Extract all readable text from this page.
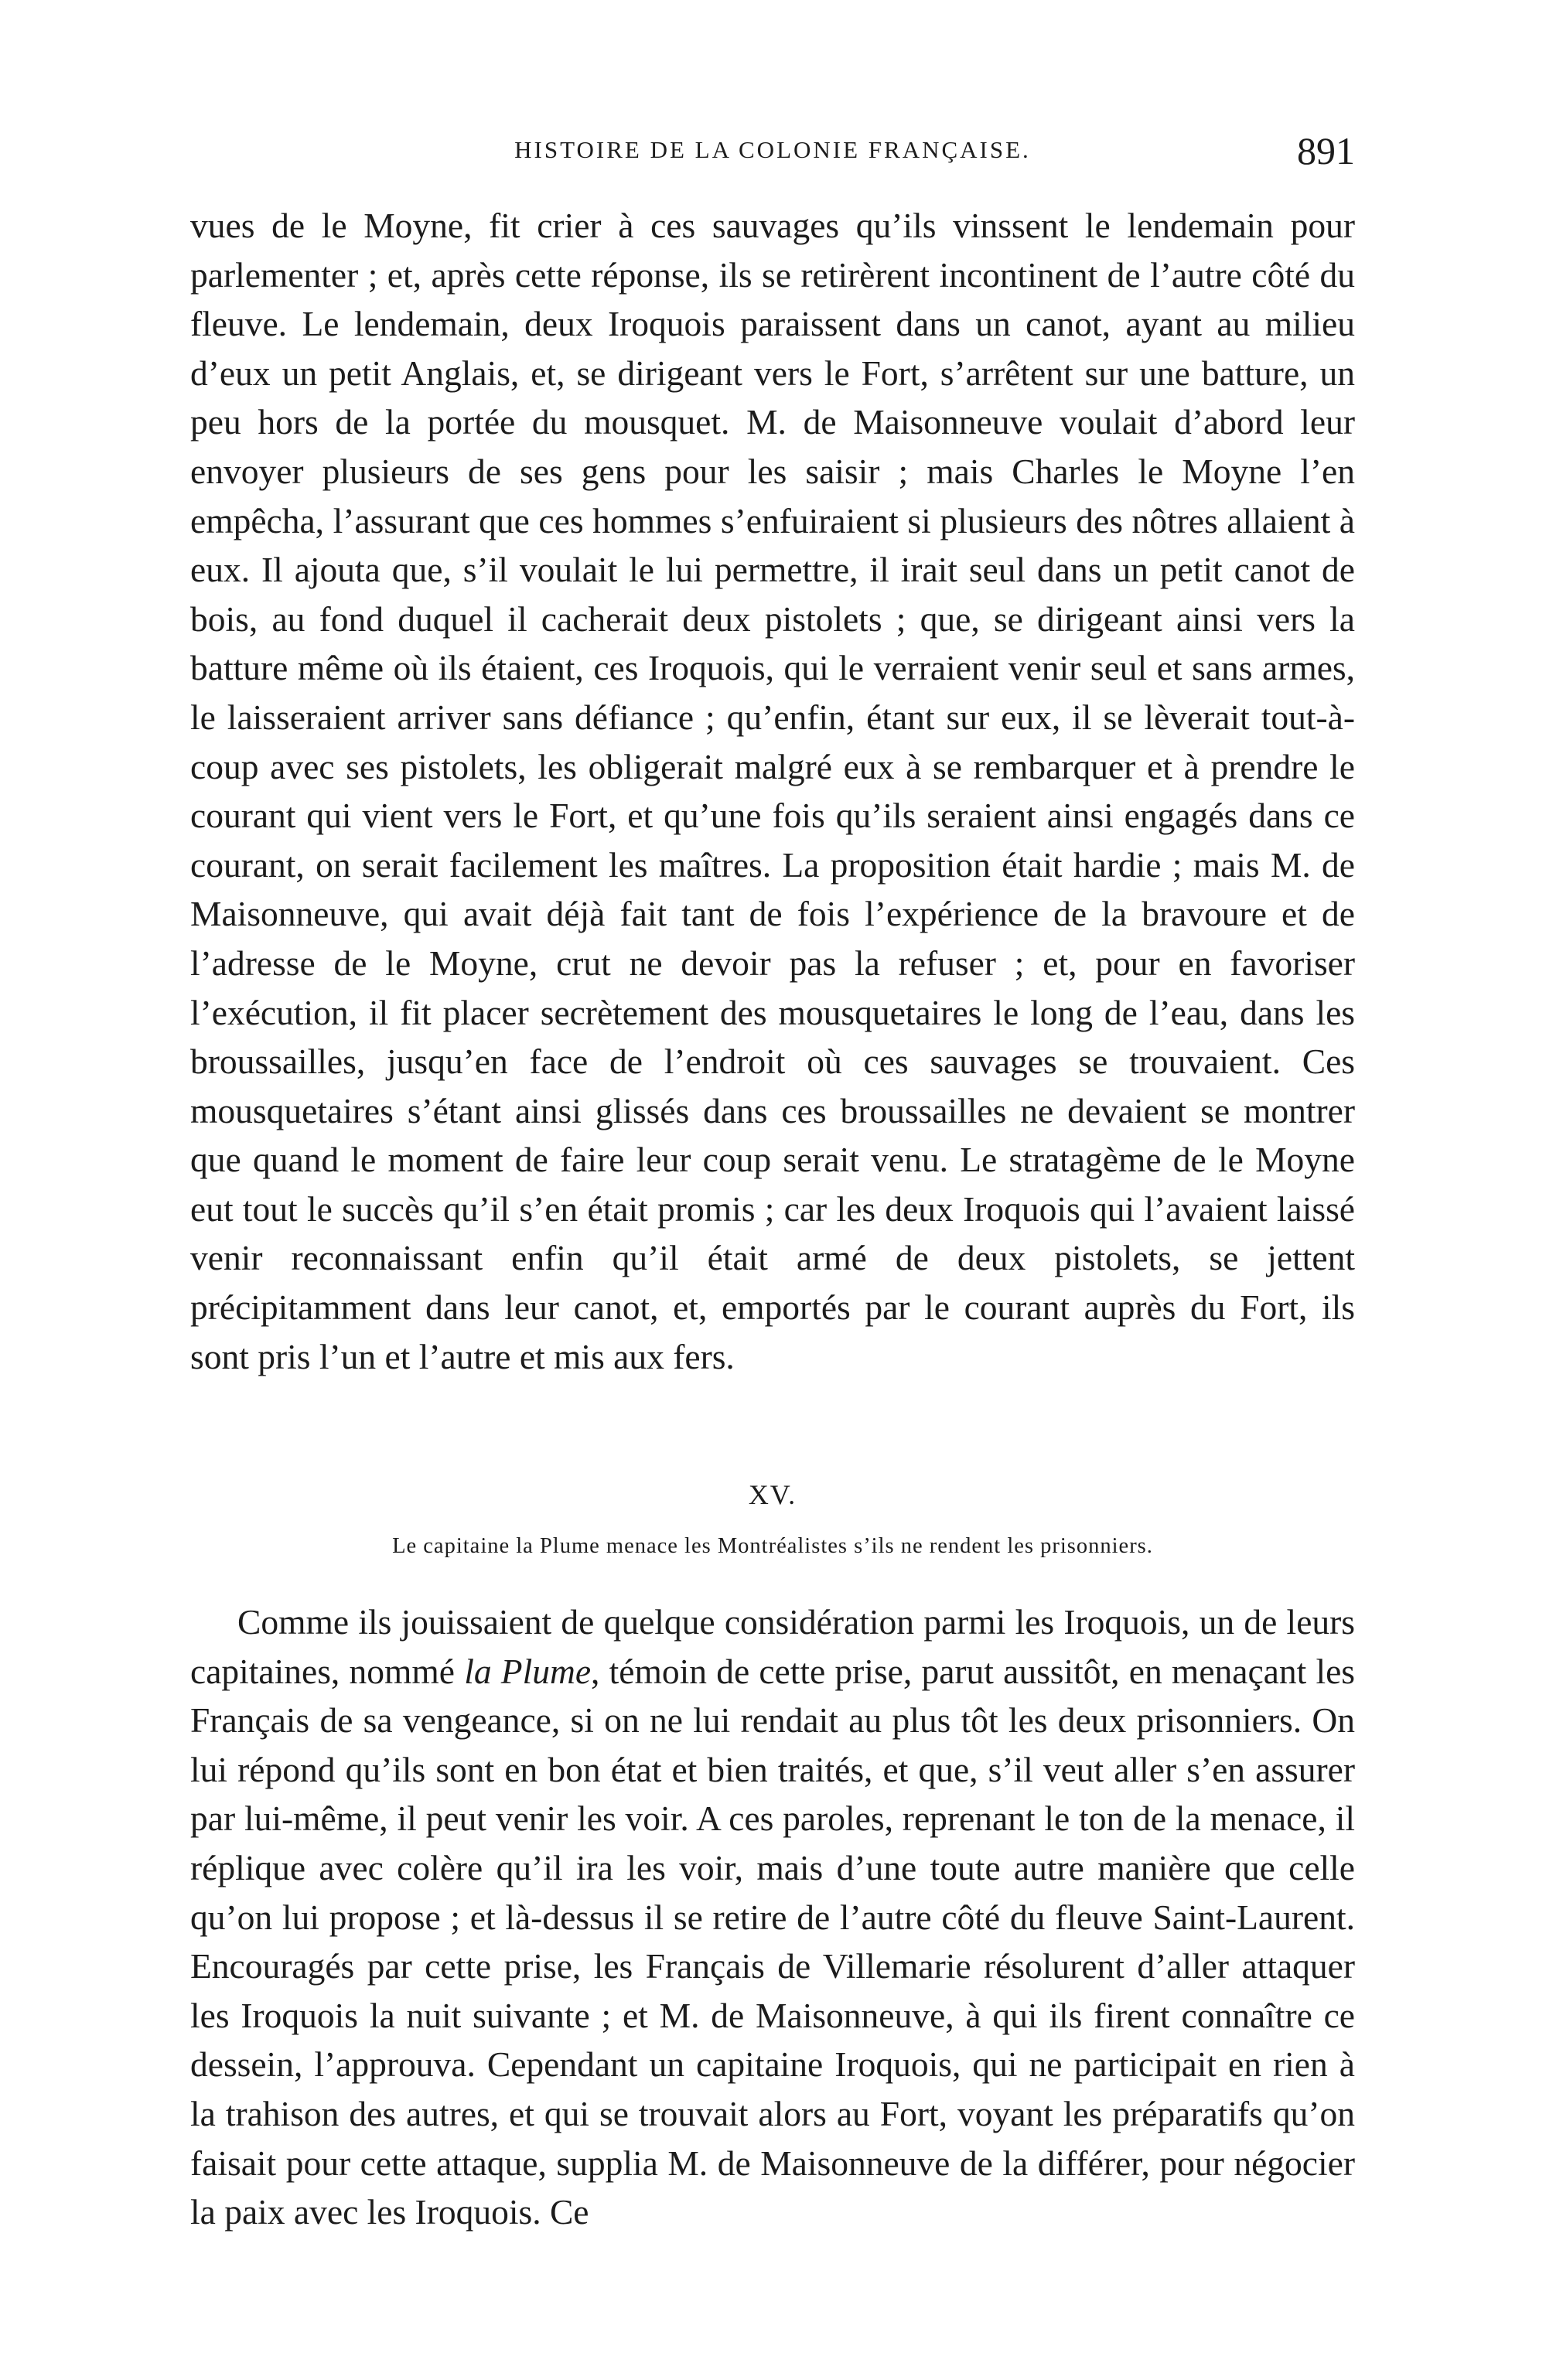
HISTOIRE DE LA COLONIE FRANÇAISE.	891

vues de le Moyne, fit crier à ces sauvages qu’ils vinssent le lendemain pour parlementer ; et, après cette réponse, ils se retirèrent incontinent de l’autre côté du fleuve. Le lendemain, deux Iroquois paraissent dans un canot, ayant au milieu d’eux un petit Anglais, et, se dirigeant vers le Fort, s’arrêtent sur une batture, un peu hors de la portée du mousquet. M. de Maisonneuve voulait d’abord leur envoyer plusieurs de ses gens pour les saisir ; mais Charles le Moyne l’en empêcha, l’assurant que ces hommes s’enfuiraient si plusieurs des nôtres allaient à eux. Il ajouta que, s’il voulait le lui permettre, il irait seul dans un petit canot de bois, au fond duquel il cacherait deux pistolets ; que, se dirigeant ainsi vers la batture même où ils étaient, ces Iroquois, qui le verraient venir seul et sans armes, le laisseraient arriver sans défiance ; qu’enfin, étant sur eux, il se lèverait tout-à-coup avec ses pistolets, les obligerait malgré eux à se rembarquer et à prendre le courant qui vient vers le Fort, et qu’une fois qu’ils seraient ainsi engagés dans ce courant, on serait facilement les maîtres. La proposition était hardie ; mais M. de Maisonneuve, qui avait déjà fait tant de fois l’expérience de la bravoure et de l’adresse de le Moyne, crut ne devoir pas la refuser ; et, pour en favoriser l’exécution, il fit placer secrètement des mousquetaires le long de l’eau, dans les broussailles, jusqu’en face de l’endroit où ces sauvages se trouvaient. Ces mousquetaires s’étant ainsi glissés dans ces broussailles ne devaient se montrer que quand le moment de faire leur coup serait venu. Le stratagème de le Moyne eut tout le succès qu’il s’en était promis ; car les deux Iroquois qui l’avaient laissé venir reconnaissant enfin qu’il était armé de deux pistolets, se jettent précipitamment dans leur canot, et, emportés par le courant auprès du Fort, ils sont pris l’un et l’autre et mis aux fers.

XV.
Le capitaine la Plume menace les Montréalistes s’ils ne rendent les prisonniers.

Comme ils jouissaient de quelque considération parmi les Iroquois, un de leurs capitaines, nommé la Plume, témoin de cette prise, parut aussitôt, en menaçant les Français de sa vengeance, si on ne lui rendait au plus tôt les deux prisonniers. On lui répond qu’ils sont en bon état et bien traités, et que, s’il veut aller s’en assurer par lui-même, il peut venir les voir. A ces paroles, reprenant le ton de la menace, il réplique avec colère qu’il ira les voir, mais d’une toute autre manière que celle qu’on lui propose ; et là-dessus il se retire de l’autre côté du fleuve Saint-Laurent. Encouragés par cette prise, les Français de Villemarie résolurent d’aller attaquer les Iroquois la nuit suivante ; et M. de Maisonneuve, à qui ils firent connaître ce dessein, l’approuva. Cependant un capitaine Iroquois, qui ne participait en rien à la trahison des autres, et qui se trouvait alors au Fort, voyant les préparatifs qu’on faisait pour cette attaque, supplia M. de Maisonneuve de la différer, pour négocier la paix avec les Iroquois. Ce
